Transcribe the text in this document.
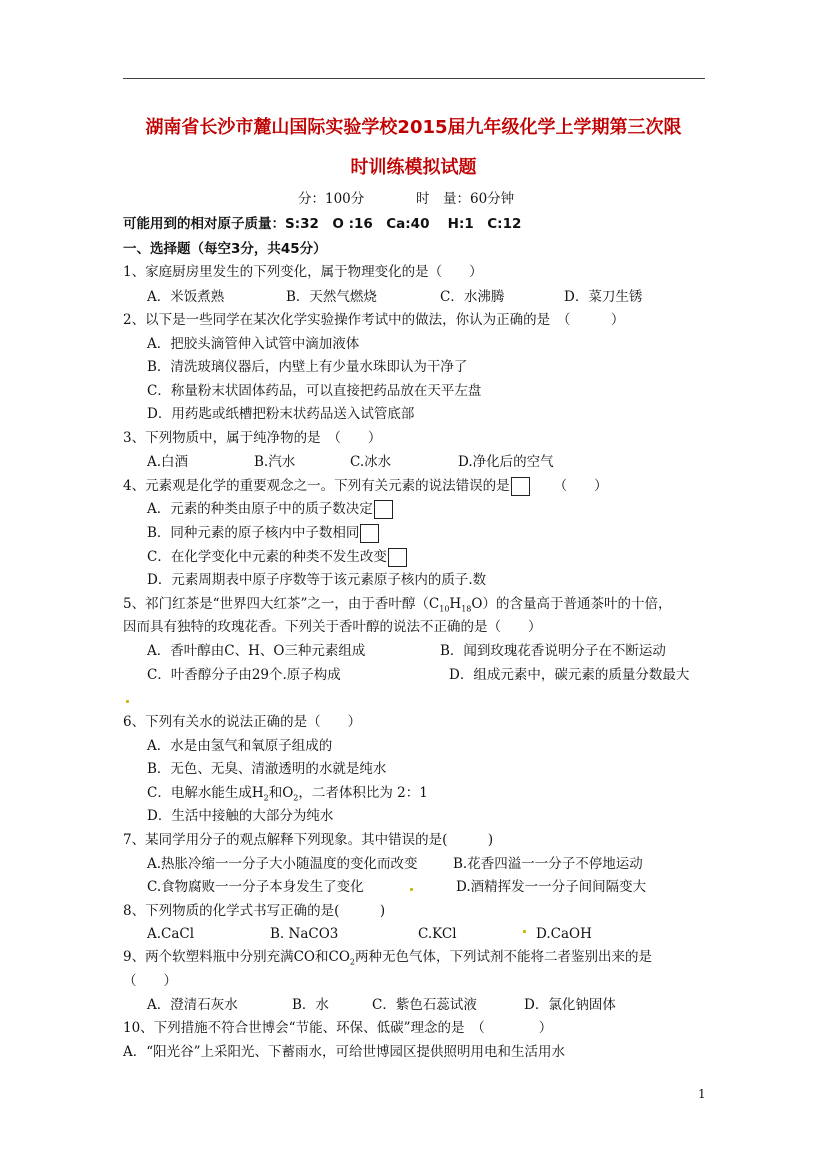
湖南省长沙市麓山国际实验学校2015届九年级化学上学期第三次限
时训练模拟试题
分：100分	时　量：60分钟
可能用到的相对原子质量：S:32　O :16　Ca:40　 H:1　C:12
一、选择题（每空3分，共45分）
1、家庭厨房里发生的下列变化，属于物理变化的是（　　）
A．米饭煮熟	B．天然气燃烧	C．水沸腾	D．菜刀生锈
2、以下是一些同学在某次化学实验操作考试中的做法，你认为正确的是　（　　　）
A．把胶头滴管伸入试管中滴加液体
B．清洗玻璃仪器后，内壁上有少量水珠即认为干净了
C．称量粉末状固体药品，可以直接把药品放在天平左盘
D．用药匙或纸槽把粉末状药品送入试管底部
3、下列物质中，属于纯净物的是　（　　）
A.白酒	B.汽水	C.冰水	D.净化后的空气
4、元素观是化学的重要观念之一。下列有关元素的说法错误的是	（　　）
A．元素的种类由原子中的质子数决定
B．同种元素的原子核内中子数相同
C．在化学变化中元素的种类不发生改变
D．元素周期表中原子序数等于该元素原子核内的质子.数
5、祁门红茶是“世界四大红茶”之一，由于香叶醇$(C_{10}H_{18}O)$的含量高于普通茶叶的十倍，
因而具有独特的玫瑰花香。下列关于香叶醇的说法不正确的是（　　）
A．香叶醇由C、H、O三种元素组成	B．闻到玫瑰花香说明分子在不断运动
C．叶香醇分子由29个.原子构成	D．组成元素中，碳元素的质量分数最大
6、下列有关水的说法正确的是（　　）
A．水是由氢气和氧原子组成的
B．无色、无臭、清澈透明的水就是纯水
C．电解水能生成$H_2$和$O_2$，二者体积比为 2：1
D．生活中接触的大部分为纯水
7、某同学用分子的观点解释下列现象。其中错误的是(　　　)
A.热胀冷缩一一分子大小随温度的变化而改变	B.花香四溢一一分子不停地运动
C.食物腐败一一分子本身发生了变化	D.酒精挥发一一分子间间隔变大
8、下列物质的化学式书写正确的是(　　　)
A.CaCl	B. NaCO3	C.KCl	D.CaOH
9、两个软塑料瓶中分别充满CO和$CO_2$两种无色气体，下列试剂不能将二者鉴别出来的是
（　　）
A．澄清石灰水	B．水	C．紫色石蕊试液	D．氯化钠固体
10、下列措施不符合世博会“节能、环保、低碳”理念的是　（　　　　）
A．“阳光谷”上采阳光、下蓄雨水，可给世博园区提供照明用电和生活用水
1
